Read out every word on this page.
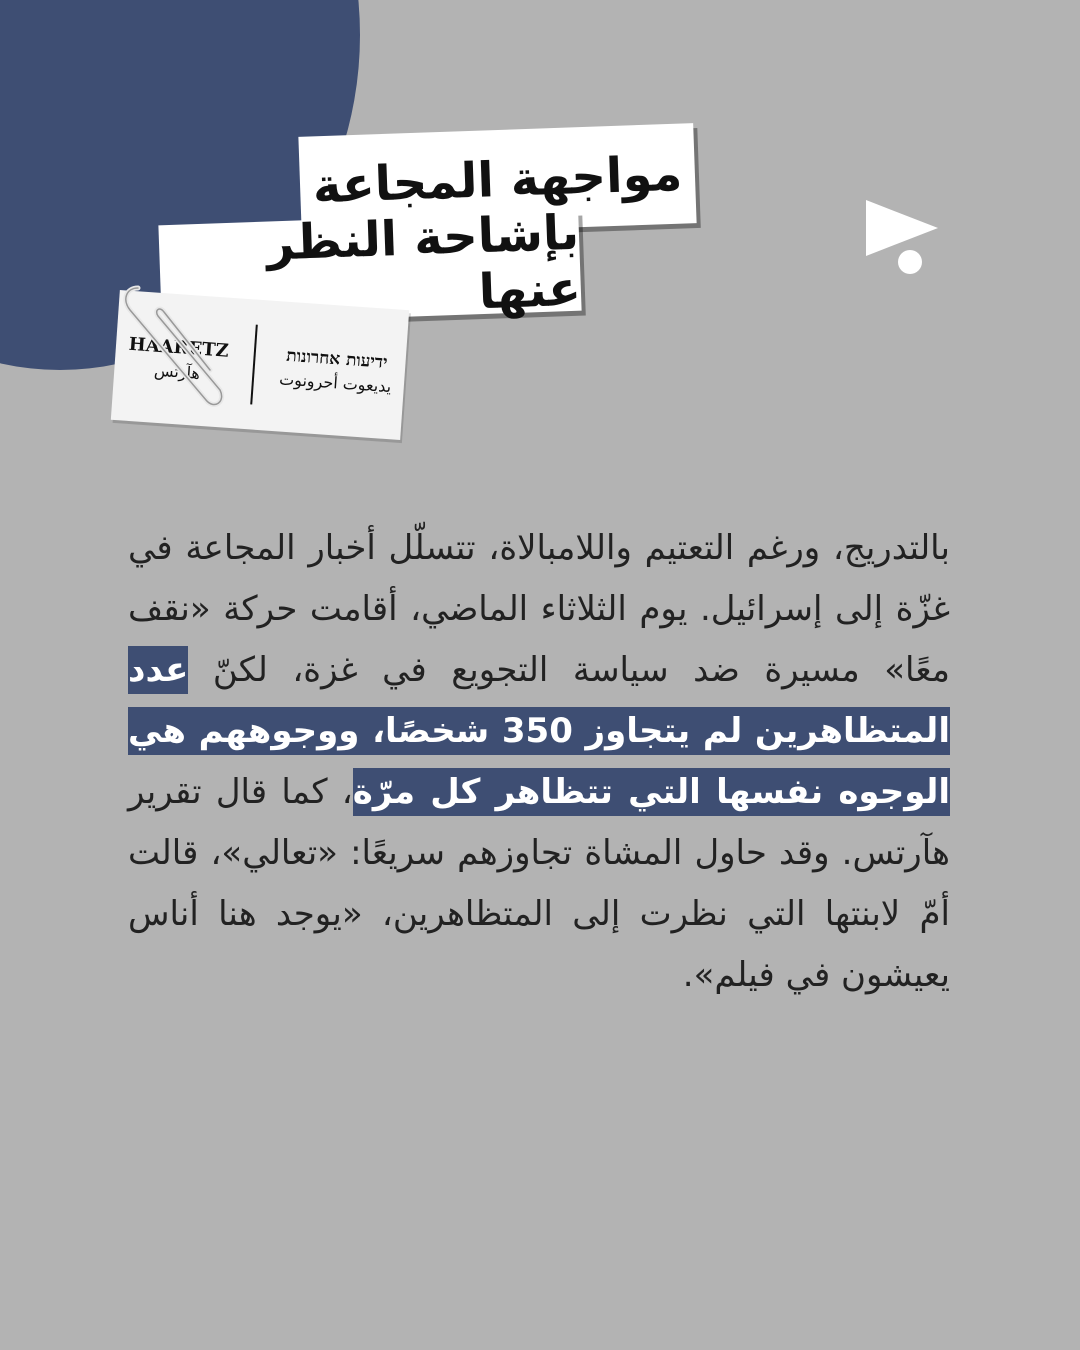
مواجهة المجاعة
بإشاحة النظر عنها
HAARETZ
هآرتس	ידיעות אחרונות
يديعوت أحرونوت
بالتدريج، ورغم التعتيم واللامبالاة، تتسلّل أخبار المجاعة في غزّة إلى إسرائيل. يوم الثلاثاء الماضي، أقامت حركة «نقف معًا» مسيرة ضد سياسة التجويع في غزة، لكنّ عدد المتظاهرين لم يتجاوز 350 شخصًا، ووجوههم هي الوجوه نفسها التي تتظاهر كل مرّة، كما قال تقرير هآرتس. وقد حاول المشاة تجاوزهم سريعًا: «تعالي»، قالت أمّ لابنتها التي نظرت إلى المتظاهرين، «يوجد هنا أناس يعيشون في فيلم».
